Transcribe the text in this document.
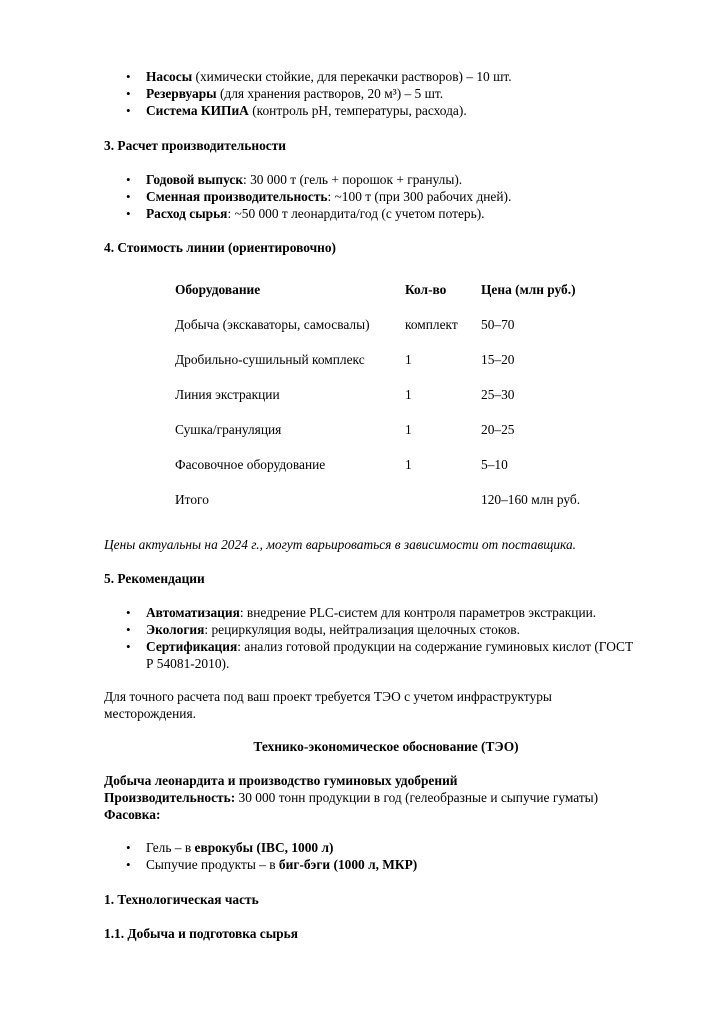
• Насосы (химически стойкие, для перекачки растворов) – 10 шт.
• Резервуары (для хранения растворов, 20 м³) – 5 шт.
• Система КИПиА (контроль pH, температуры, расхода).
3. Расчет производительности
• Годовой выпуск: 30 000 т (гель + порошок + гранулы).
• Сменная производительность: ~100 т (при 300 рабочих дней).
• Расход сырья: ~50 000 т леонардита/год (с учетом потерь).
4. Стоимость линии (ориентировочно)
Оборудование	Кол-во	Цена (млн руб.)
Добыча (экскаваторы, самосвалы)	комплект	50–70
Дробильно-сушильный комплекс	1	15–20
Линия экстракции	1	25–30
Сушка/грануляция	1	20–25
Фасовочное оборудование	1	5–10
Итого		120–160 млн руб.
Цены актуальны на 2024 г., могут варьироваться в зависимости от поставщика.
5. Рекомендации
• Автоматизация: внедрение PLC-систем для контроля параметров экстракции.
• Экология: рециркуляция воды, нейтрализация щелочных стоков.
• Сертификация: анализ готовой продукции на содержание гуминовых кислот (ГОСТ Р 54081-2010).
Для точного расчета под ваш проект требуется ТЭО с учетом инфраструктуры месторождения.
Технико-экономическое обоснование (ТЭО)
Добыча леонардита и производство гуминовых удобрений
Производительность: 30 000 тонн продукции в год (гелеобразные и сыпучие гуматы)
Фасовка:
• Гель – в еврокубы (IBC, 1000 л)
• Сыпучие продукты – в биг-бэги (1000 л, МКР)
1. Технологическая часть
1.1. Добыча и подготовка сырья
